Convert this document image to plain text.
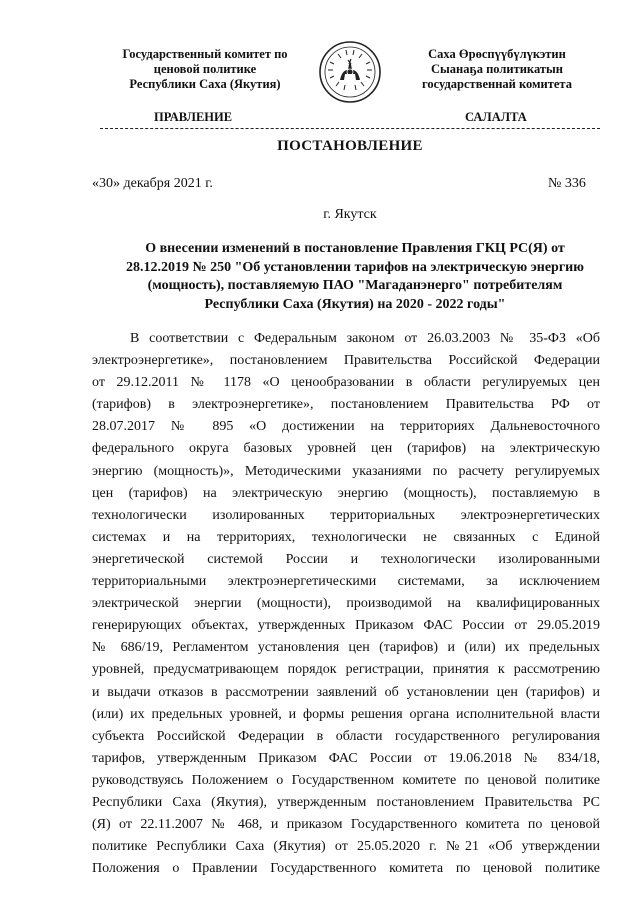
Государственный комитет по
ценовой политике
Республики Саха (Якутия)
Саха Өрөспүүбүлүкэтин
Сыанаҕа политикатын
государственнай комитета
ПРАВЛЕНИЕ	САЛАЛТА
ПОСТАНОВЛЕНИЕ
«30» декабря 2021 г.	№ 336
г. Якутск
О внесении изменений в постановление Правления ГКЦ РС(Я) от
28.12.2019 № 250 "Об установлении тарифов на электрическую энергию
(мощность), поставляемую ПАО "Магаданэнерго" потребителям
Республики Саха (Якутия) на 2020 - 2022 годы"
В соответствии с Федеральным законом от 26.03.2003 № 35-ФЗ «Об
электроэнергетике», постановлением Правительства Российской Федерации
от 29.12.2011 № 1178 «О ценообразовании в области регулируемых цен
(тарифов) в электроэнергетике», постановлением Правительства РФ от
28.07.2017 № 895 «О достижении на территориях Дальневосточного
федерального округа базовых уровней цен (тарифов) на электрическую
энергию (мощность)», Методическими указаниями по расчету регулируемых
цен (тарифов) на электрическую энергию (мощность), поставляемую в
технологически изолированных территориальных электроэнергетических
системах и на территориях, технологически не связанных с Единой
энергетической системой России и технологически изолированными
территориальными электроэнергетическими системами, за исключением
электрической энергии (мощности), производимой на квалифицированных
генерирующих объектах, утвержденных Приказом ФАС России от 29.05.2019
№ 686/19, Регламентом установления цен (тарифов) и (или) их предельных
уровней, предусматривающем порядок регистрации, принятия к рассмотрению
и выдачи отказов в рассмотрении заявлений об установлении цен (тарифов) и
(или) их предельных уровней, и формы решения органа исполнительной власти
субъекта Российской Федерации в области государственного регулирования
тарифов, утвержденным Приказом ФАС России от 19.06.2018 № 834/18,
руководствуясь Положением о Государственном комитете по ценовой политике
Республики Саха (Якутия), утвержденным постановлением Правительства РС
(Я) от 22.11.2007 № 468, и приказом Государственного комитета по ценовой
политике Республики Саха (Якутия) от 25.05.2020 г. №21 «Об утверждении
Положения о Правлении Государственного комитета по ценовой политике
